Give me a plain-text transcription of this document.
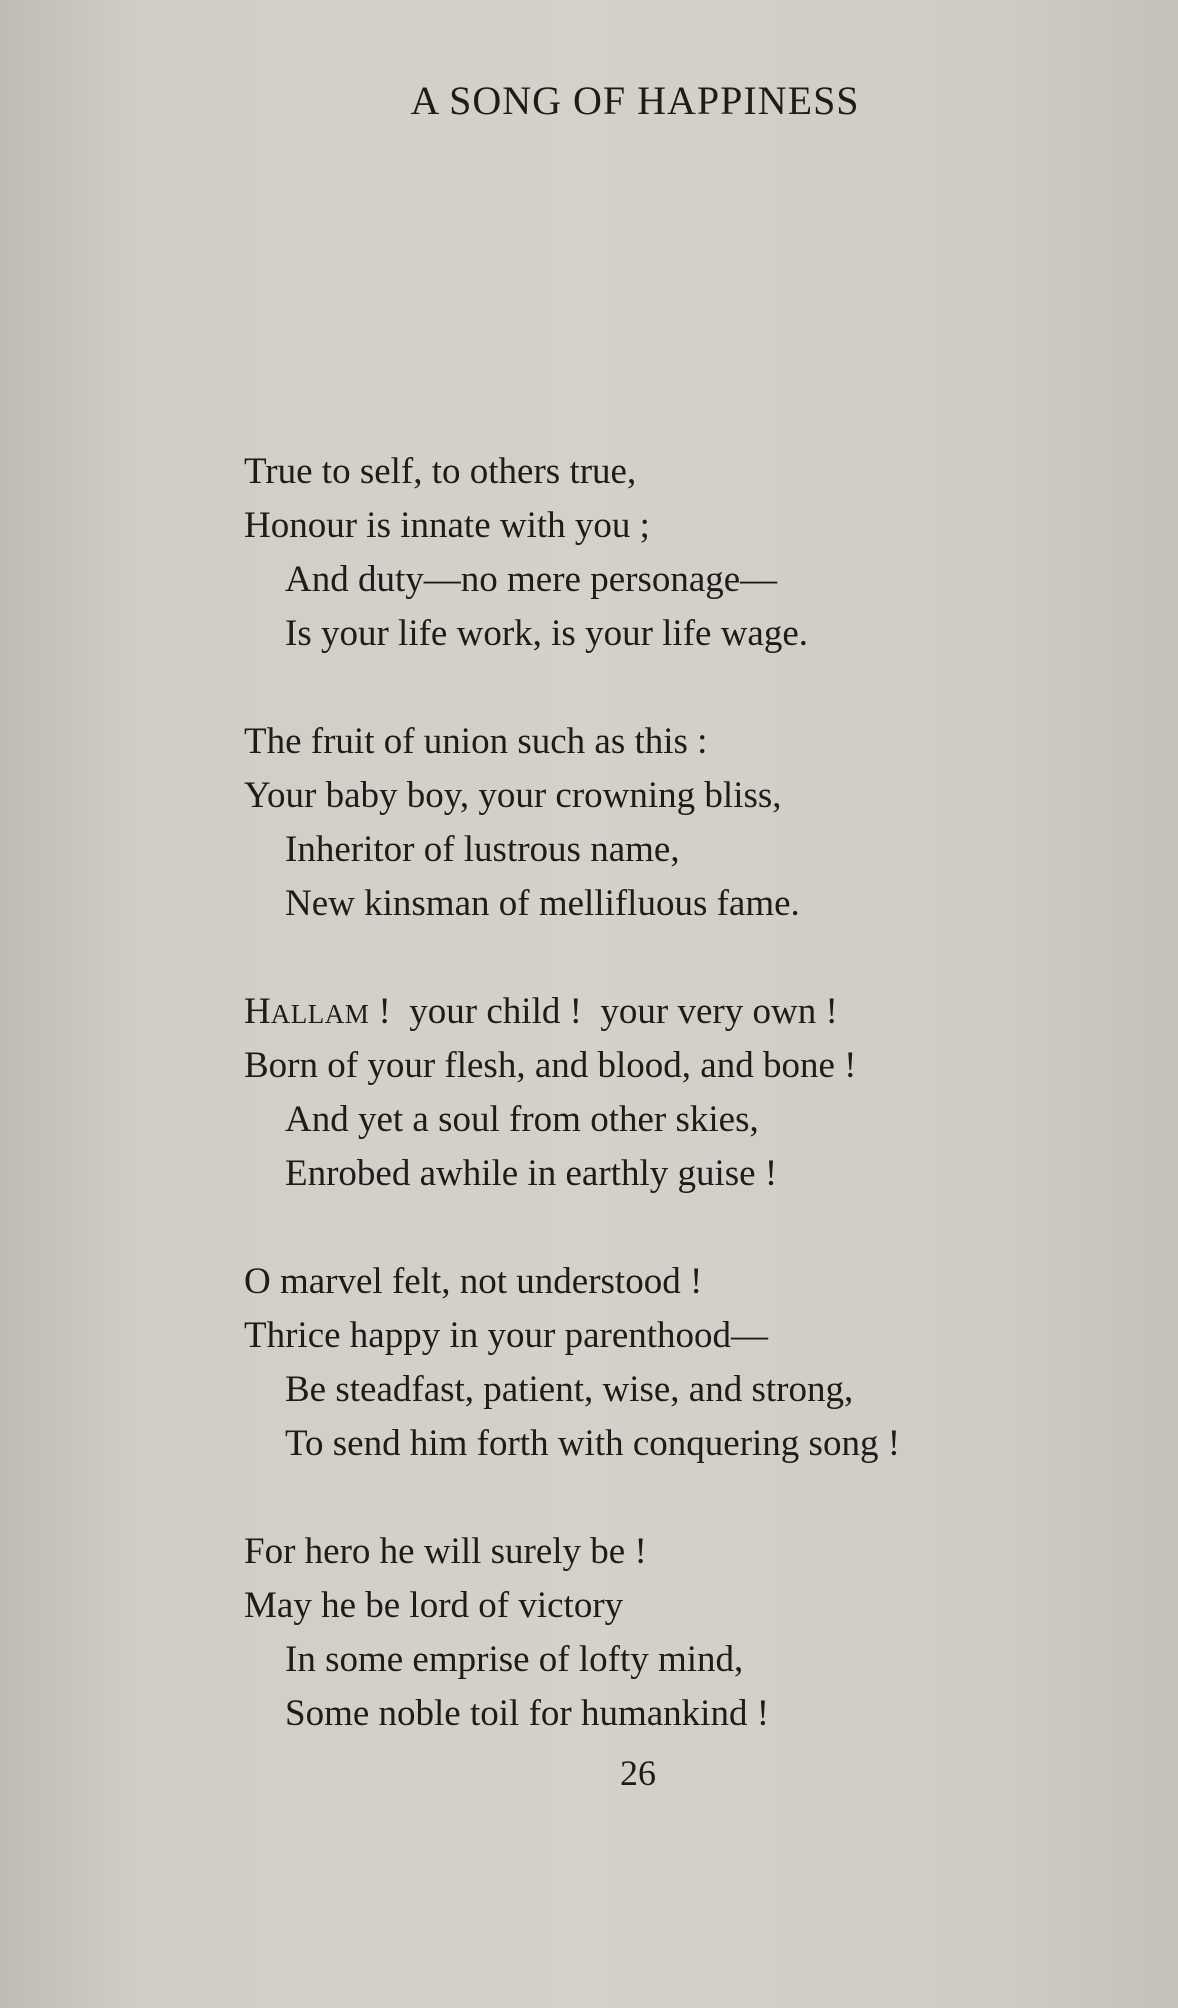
A SONG OF HAPPINESS
True to self, to others true,
Honour is innate with you ;
And duty—no mere personage—
Is your life work, is your life wage.
The fruit of union such as this :
Your baby boy, your crowning bliss,
Inheritor of lustrous name,
New kinsman of mellifluous fame.
HALLAM !  your child !  your very own !
Born of your flesh, and blood, and bone !
And yet a soul from other skies,
Enrobed awhile in earthly guise !
O marvel felt, not understood !
Thrice happy in your parenthood—
Be steadfast, patient, wise, and strong,
To send him forth with conquering song !
For hero he will surely be !
May he be lord of victory
In some emprise of lofty mind,
Some noble toil for humankind !
26
